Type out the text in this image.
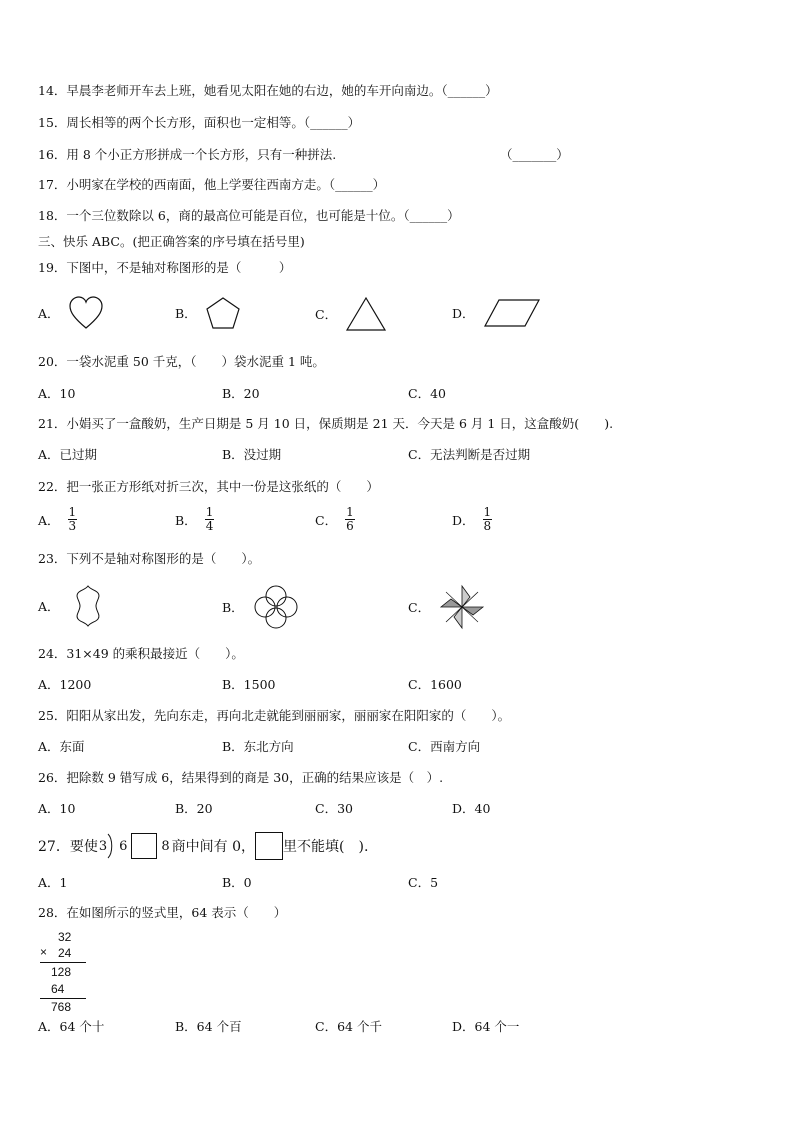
14．早晨李老师开车去上班，她看见太阳在她的右边，她的车开向南边。（______）
15．周长相等的两个长方形，面积也一定相等。（______）
16．用 8 个小正方形拼成一个长方形，只有一种拼法.	（_______）
17．小明家在学校的西南面，他上学要往西南方走。（______）
18．一个三位数除以 6，商的最高位可能是百位，也可能是十位。（______）
三、快乐 ABC。(把正确答案的序号填在括号里)
19．下图中，不是轴对称图形的是（　　　）
A．	B．	C．	D．
20．一袋水泥重 50 千克，（　　）袋水泥重 1 吨。
A．10	B．20	C．40
21．小娟买了一盒酸奶，生产日期是 5 月 10 日，保质期是 21 天．今天是 6 月 1 日，这盒酸奶(　　).
A．已过期	B．没过期	C．无法判断是否过期
22．把一张正方形纸对折三次，其中一份是这张纸的（　　）
A． $\frac{1}{3}$	B． $\frac{1}{4}$	C． $\frac{1}{6}$	D． $\frac{1}{8}$
23．下列不是轴对称图形的是（　　）。
A．	B．	C．
24．31×49 的乘积最接近（　　）。
A．1200	B．1500	C．1600
25．阳阳从家出发，先向东走，再向北走就能到丽丽家，丽丽家在阳阳家的（　　）。
A．东面	B．东北方向	C．西南方向
26．把除数 9 错写成 6，结果得到的商是 30，正确的结果应该是（　）.
A．10	B．20	C．30	D．40
27．要使 3 6	8 商中间有 0， 里不能填(　).
A．1	B．0	C．5
28．在如图所示的竖式里，64 表示（　　）
32
× 24
128
64
768
A．64 个十	B．64 个百	C．64 个千	D．64 个一
